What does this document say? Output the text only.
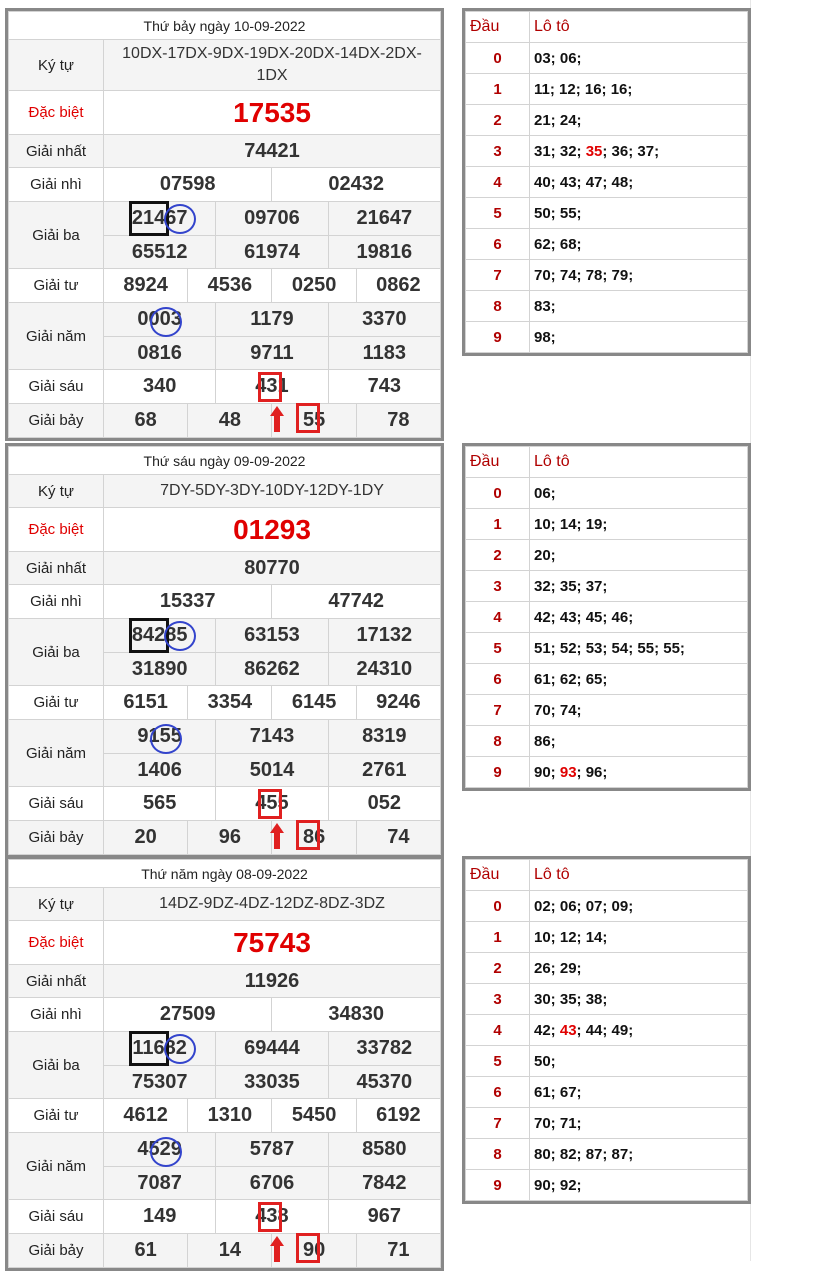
Thứ bảy ngày 10-09-2022						
Ký tự	10DX-17DX-9DX-19DX-20DX-14DX-2DX-1DX					
Đặc biệt	17535					
Giải nhất	74421					
Giải nhì	07598			02432		
Giải ba	21467		09706		21647	
	65512		61974		19816	
Giải tư	8924	4536		0250		0862
Giải năm	0003		1179		3370	
	0816		9711		1183	
Giải sáu	340		431		743	
Giải bảy	68	48		55		78
Đầu	Lô tô
0	03; 06;
1	11; 12; 16; 16;
2	21; 24;
3	31; 32; 35; 36; 37;
4	40; 43; 47; 48;
5	50; 55;
6	62; 68;
7	70; 74; 78; 79;
8	83;
9	98;
Thứ sáu ngày 09-09-2022						
Ký tự	7DY-5DY-3DY-10DY-12DY-1DY					
Đặc biệt	01293					
Giải nhất	80770					
Giải nhì	15337			47742		
Giải ba	84285		63153		17132	
	31890		86262		24310	
Giải tư	6151	3354		6145		9246
Giải năm	9155		7143		8319	
	1406		5014		2761	
Giải sáu	565		455		052	
Giải bảy	20	96		86		74
Đầu	Lô tô
0	06;
1	10; 14; 19;
2	20;
3	32; 35; 37;
4	42; 43; 45; 46;
5	51; 52; 53; 54; 55; 55;
6	61; 62; 65;
7	70; 74;
8	86;
9	90; 93; 96;
Thứ năm ngày 08-09-2022						
Ký tự	14DZ-9DZ-4DZ-12DZ-8DZ-3DZ					
Đặc biệt	75743					
Giải nhất	11926					
Giải nhì	27509			34830		
Giải ba	11682		69444		33782	
	75307		33035		45370	
Giải tư	4612	1310		5450		6192
Giải năm	4529		5787		8580	
	7087		6706		7842	
Giải sáu	149		438		967	
Giải bảy	61	14		90		71
Đầu	Lô tô
0	02; 06; 07; 09;
1	10; 12; 14;
2	26; 29;
3	30; 35; 38;
4	42; 43; 44; 49;
5	50;
6	61; 67;
7	70; 71;
8	80; 82; 87; 87;
9	90; 92;
